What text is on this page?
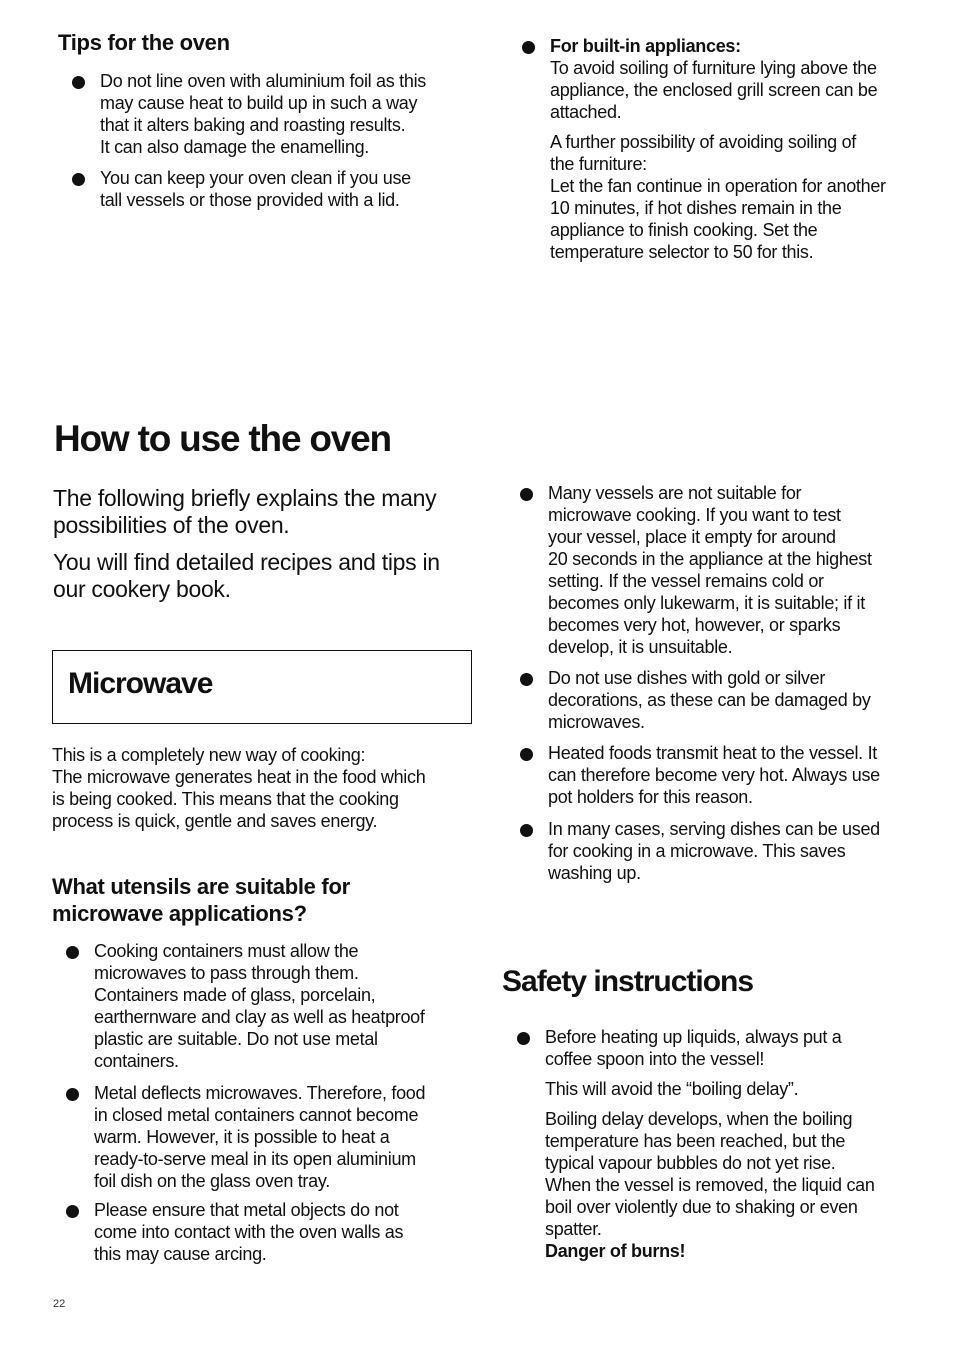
Tips for the oven
Do not line oven with aluminium foil as this
may cause heat to build up in such a way
that it alters baking and roasting results.
It can also damage the enamelling.
You can keep your oven clean if you use
tall vessels or those provided with a lid.
For built-in appliances:
To avoid soiling of furniture lying above the
appliance, the enclosed grill screen can be
attached.
A further possibility of avoiding soiling of
the furniture:
Let the fan continue in operation for another
10 minutes, if hot dishes remain in the
appliance to finish cooking. Set the
temperature selector to 50 for this.
How to use the oven
The following briefly explains the many
possibilities of the oven.
You will find detailed recipes and tips in
our cookery book.
Microwave
This is a completely new way of cooking:
The microwave generates heat in the food which
is being cooked. This means that the cooking
process is quick, gentle and saves energy.
What utensils are suitable for
microwave applications?
Cooking containers must allow the
microwaves to pass through them.
Containers made of glass, porcelain,
earthernware and clay as well as heatproof
plastic are suitable. Do not use metal
containers.
Metal deflects microwaves. Therefore, food
in closed metal containers cannot become
warm. However, it is possible to heat a
ready-to-serve meal in its open aluminium
foil dish on the glass oven tray.
Please ensure that metal objects do not
come into contact with the oven walls as
this may cause arcing.
Many vessels are not suitable for
microwave cooking. If you want to test
your vessel, place it empty for around
20 seconds in the appliance at the highest
setting. If the vessel remains cold or
becomes only lukewarm, it is suitable; if it
becomes very hot, however, or sparks
develop, it is unsuitable.
Do not use dishes with gold or silver
decorations, as these can be damaged by
microwaves.
Heated foods transmit heat to the vessel. It
can therefore become very hot. Always use
pot holders for this reason.
In many cases, serving dishes can be used
for cooking in a microwave. This saves
washing up.
Safety instructions
Before heating up liquids, always put a
coffee spoon into the vessel!
This will avoid the “boiling delay”.
Boiling delay develops, when the boiling
temperature has been reached, but the
typical vapour bubbles do not yet rise.
When the vessel is removed, the liquid can
boil over violently due to shaking or even
spatter.
Danger of burns!
22
